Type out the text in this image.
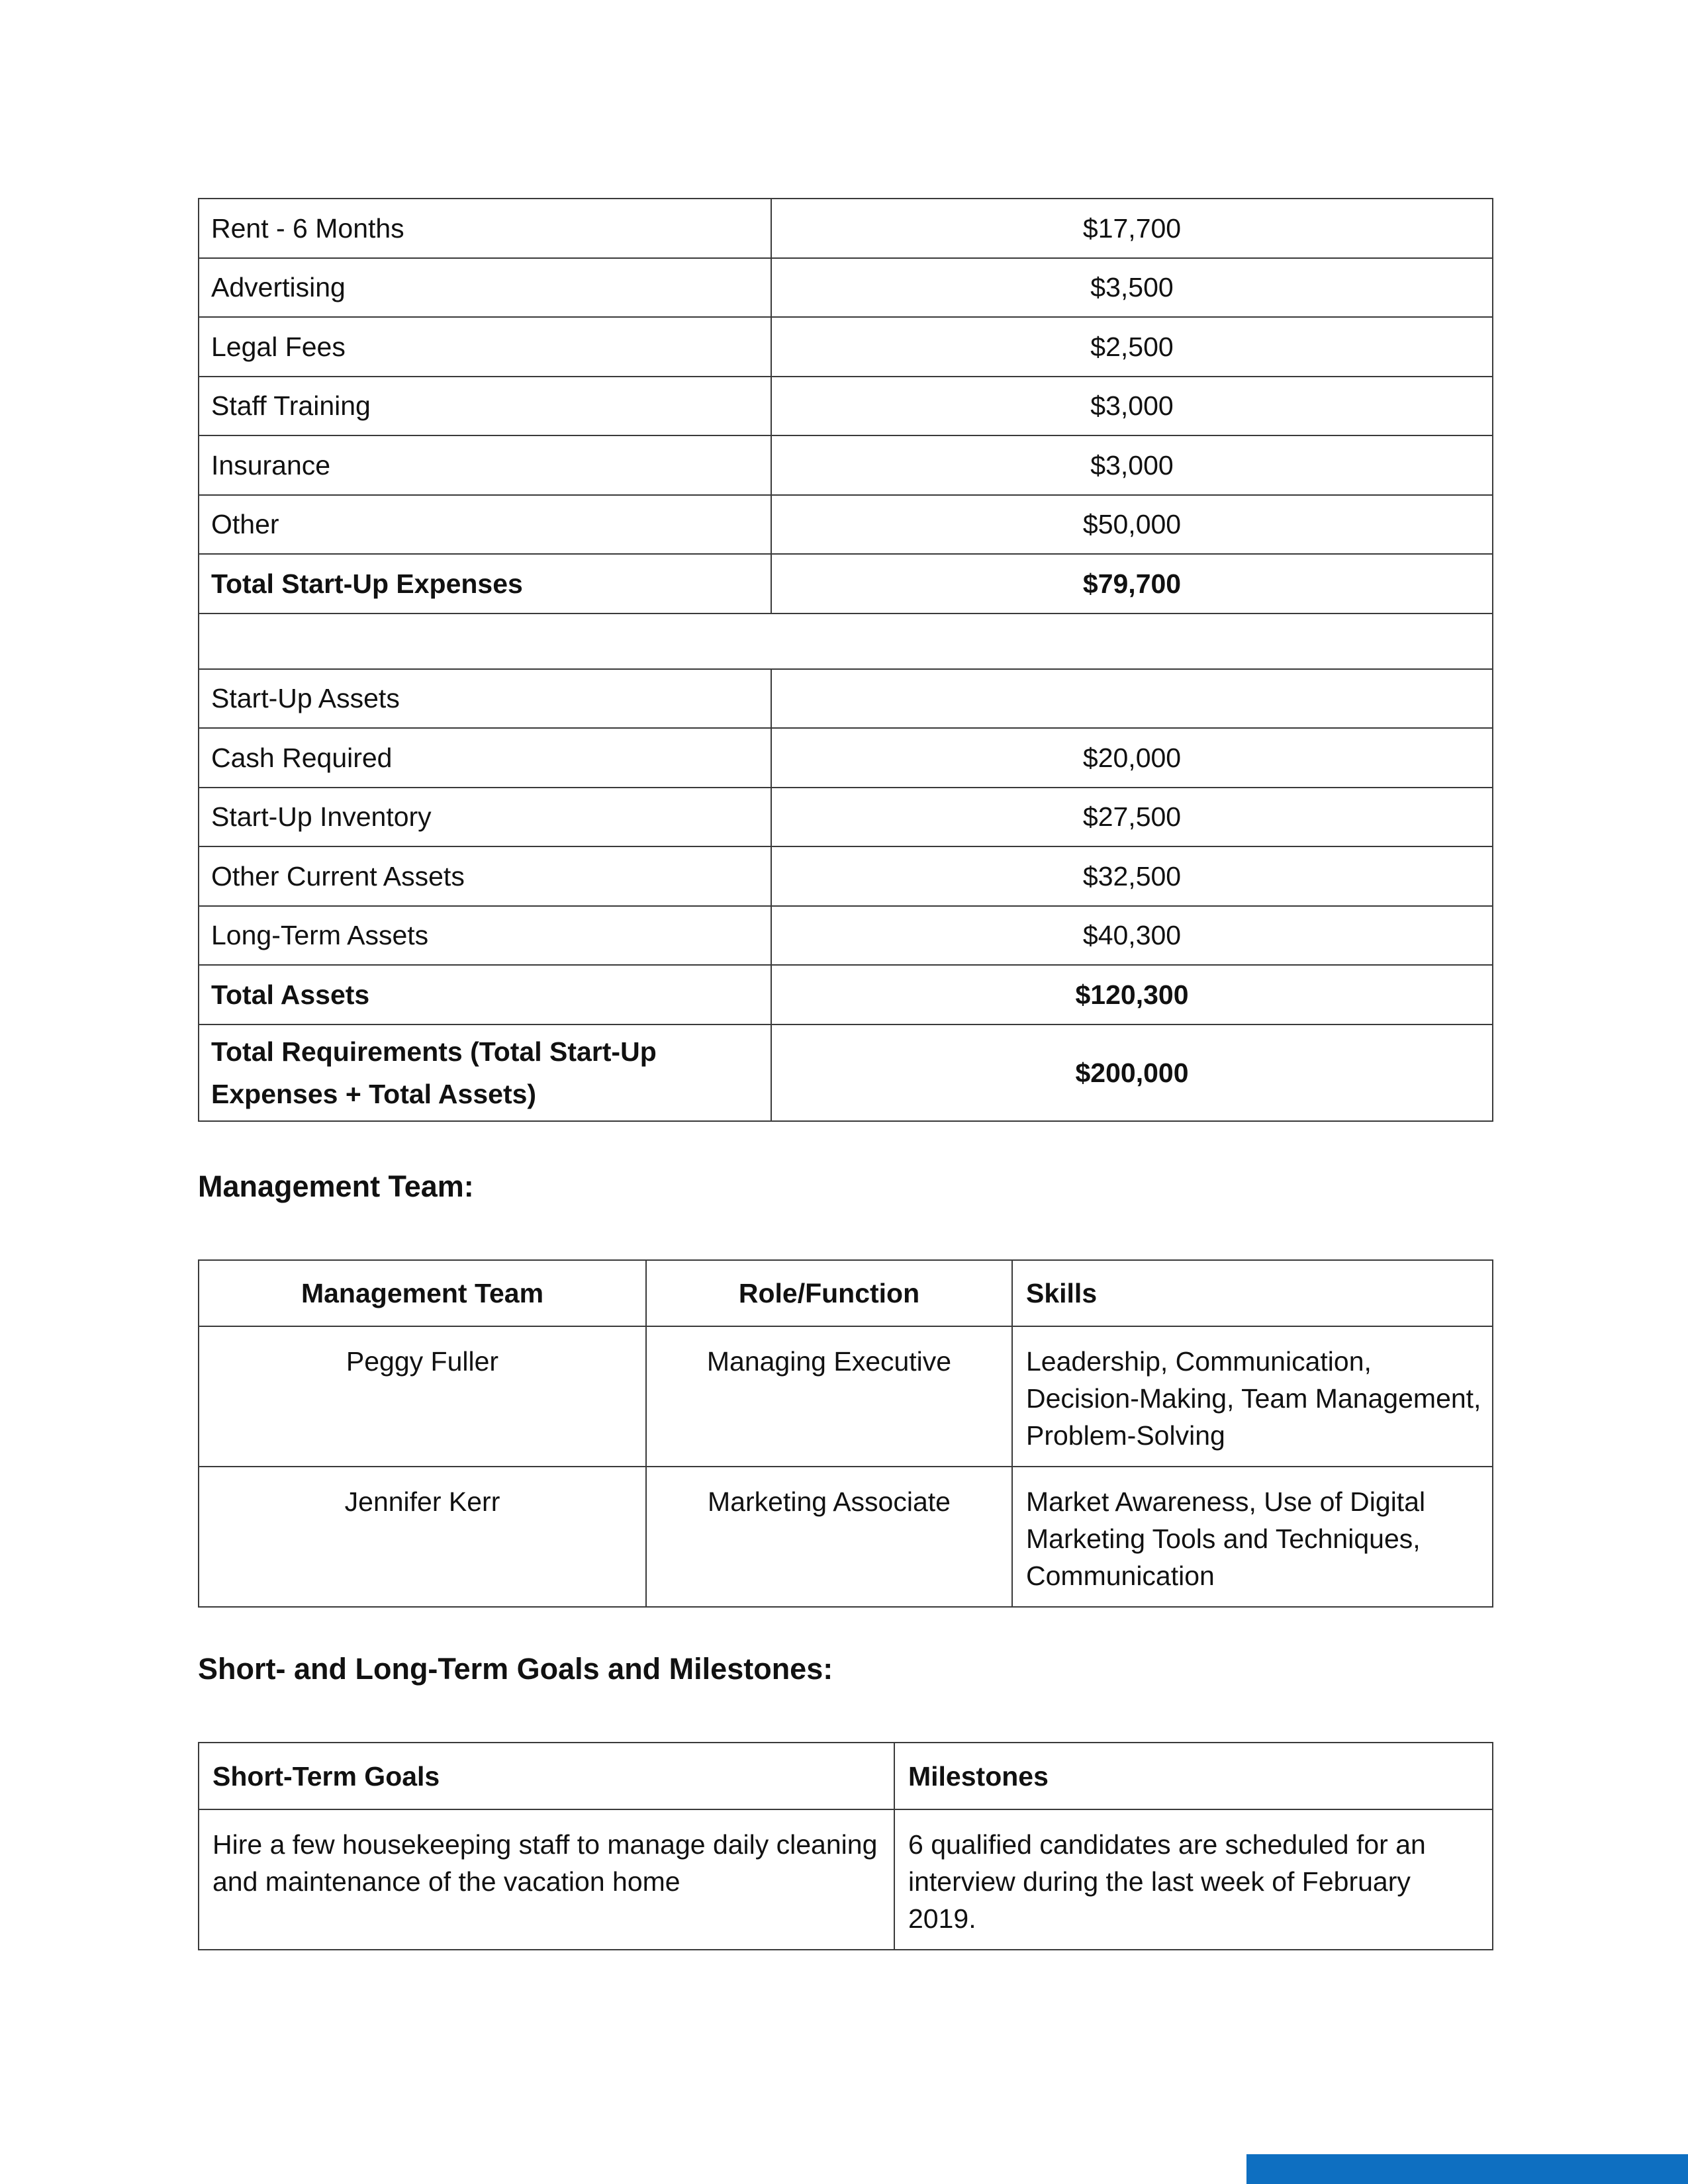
Rent - 6 Months	$17,700
Advertising	$3,500
Legal Fees	$2,500
Staff Training	$3,000
Insurance	$3,000
Other	$50,000
Total Start-Up Expenses	$79,700

Start-Up Assets	
Cash Required	$20,000
Start-Up Inventory	$27,500
Other Current Assets	$32,500
Long-Term Assets	$40,300
Total Assets	$120,300
Total Requirements (Total Start-Up Expenses + Total Assets)	$200,000
Management Team:
Management Team	Role/Function	Skills
Peggy Fuller	Managing Executive	Leadership, Communication, Decision-Making, Team Management, Problem-Solving
Jennifer Kerr	Marketing Associate	Market Awareness, Use of Digital Marketing Tools and Techniques, Communication
Short- and Long-Term Goals and Milestones:
Short-Term Goals	Milestones
Hire a few housekeeping staff to manage daily cleaning and maintenance of the vacation home	6 qualified candidates are scheduled for an interview during the last week of February 2019.
